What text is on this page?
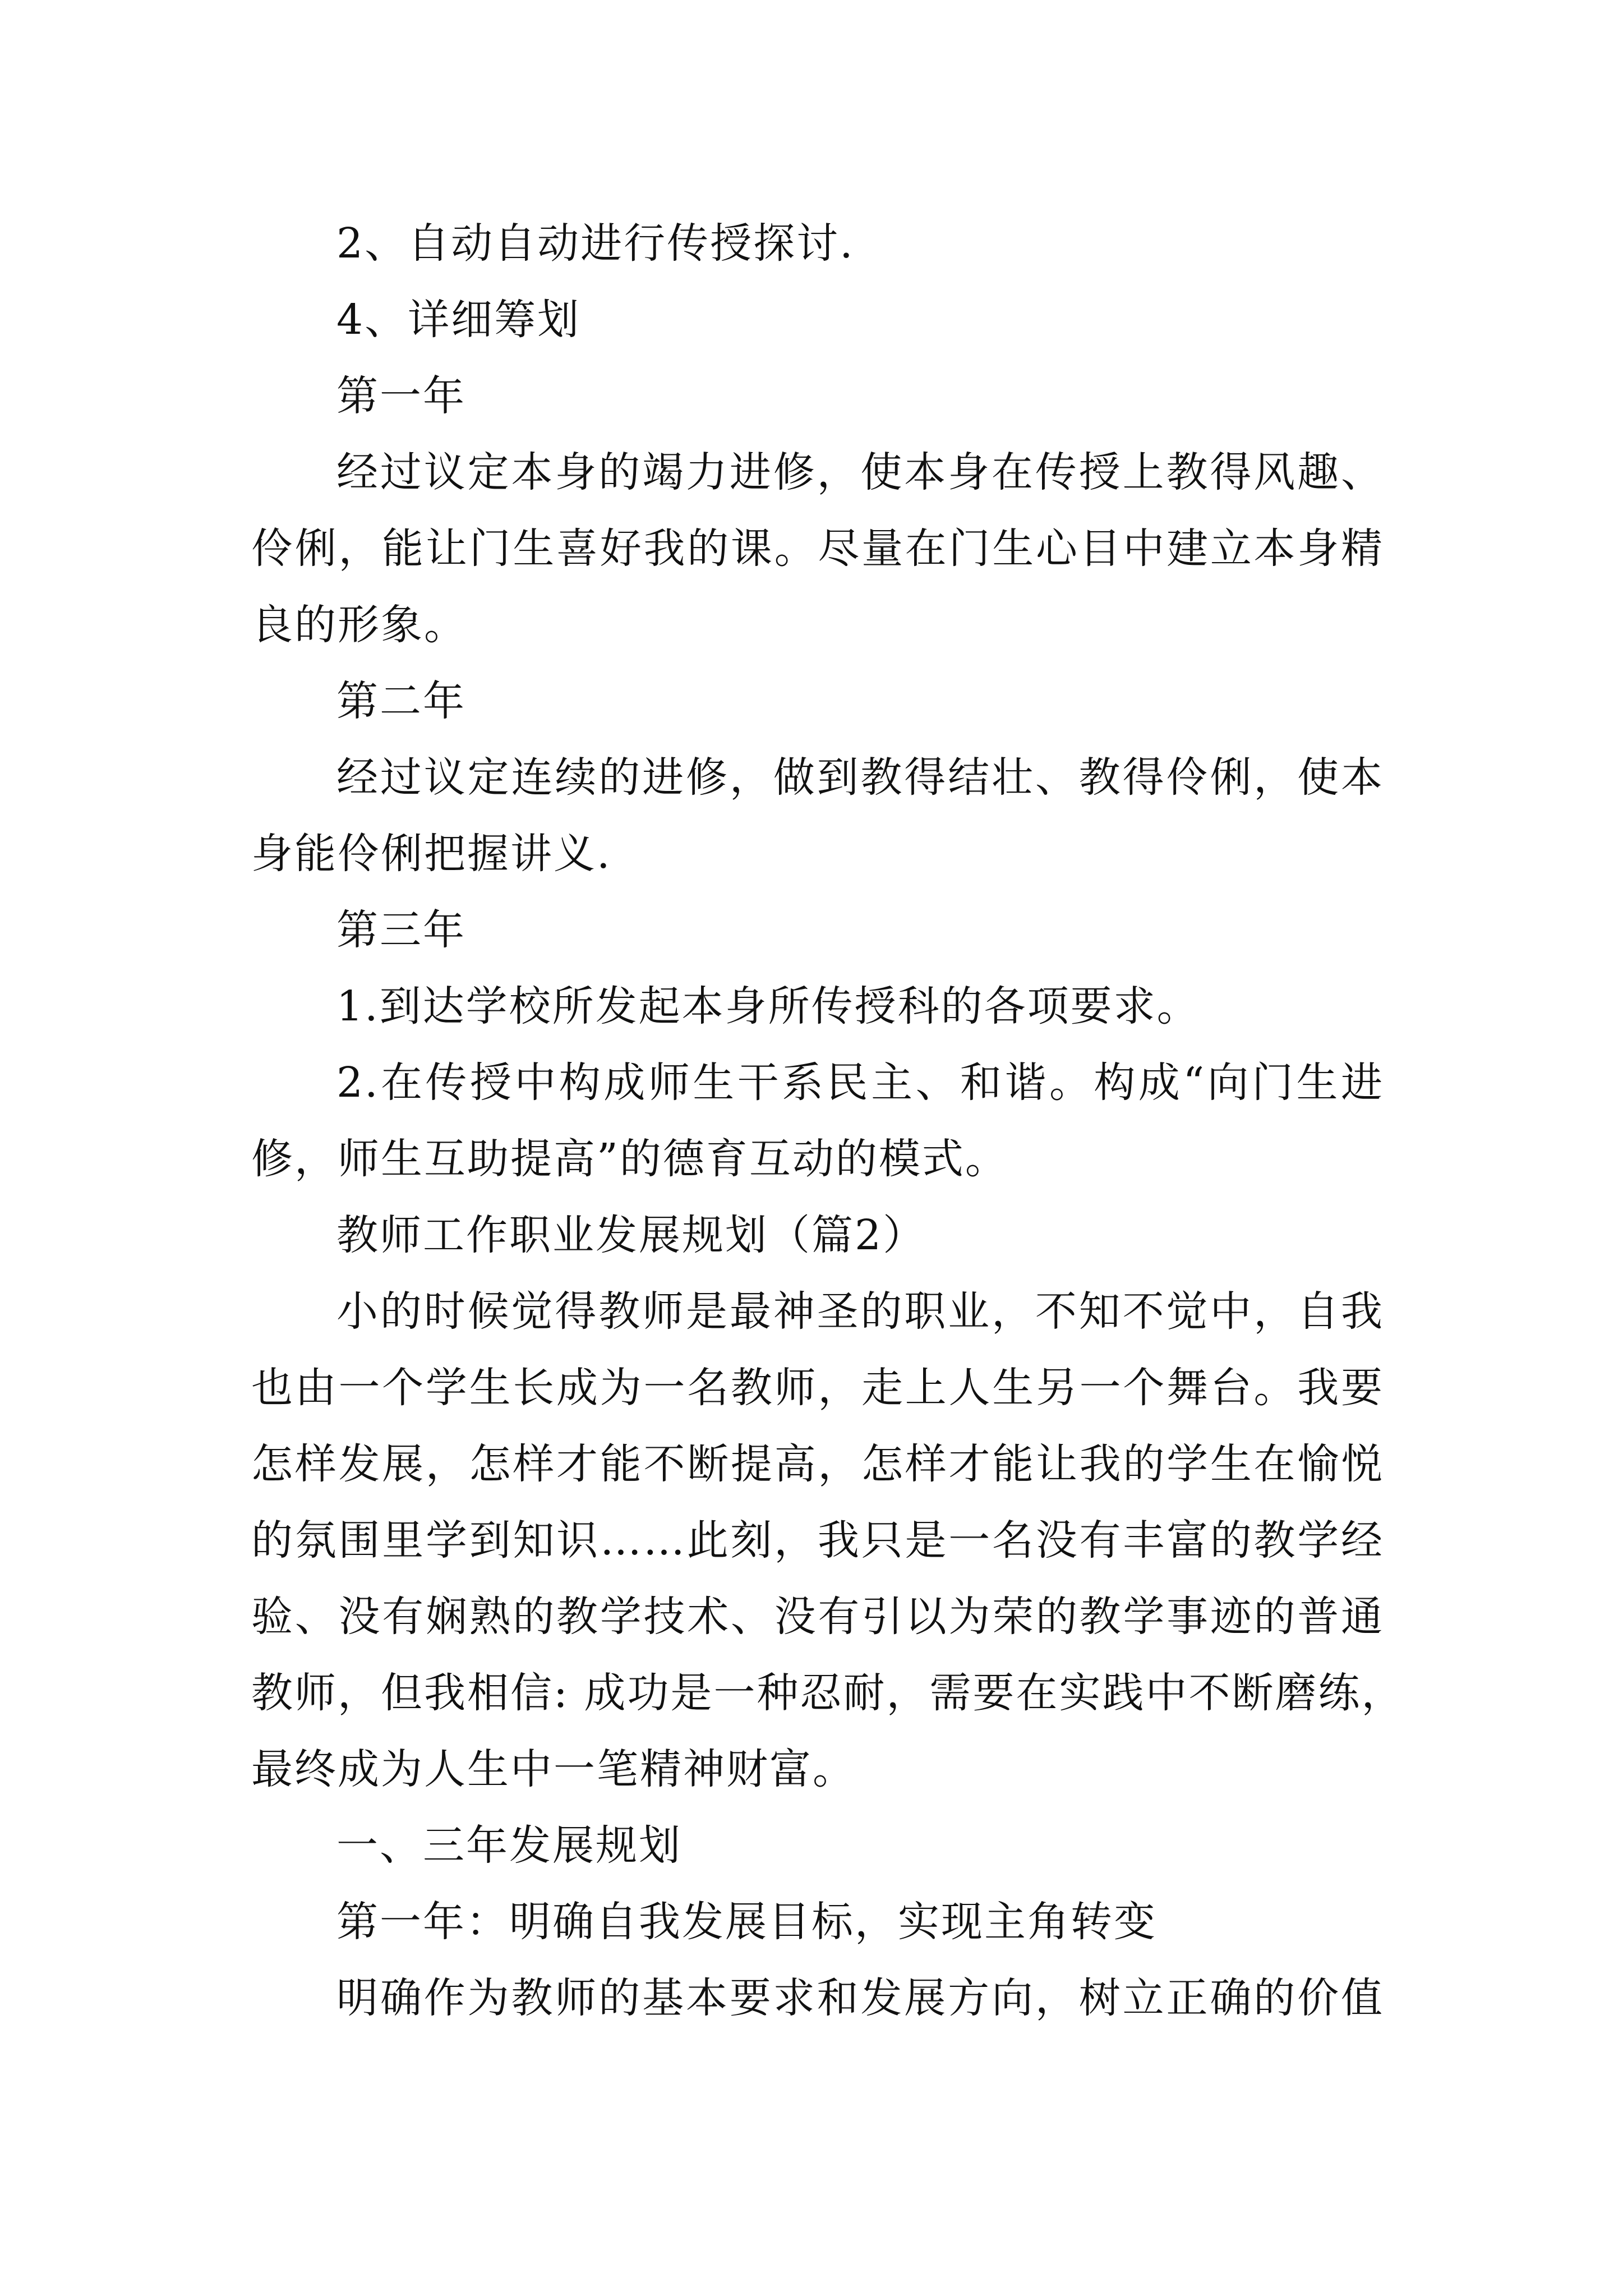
2、自动自动进行传授探讨.
4、详细筹划
第一年
经过议定本身的竭力进修，使本身在传授上教得风趣、
伶俐，能让门生喜好我的课。尽量在门生心目中建立本身精
良的形象。
第二年
经过议定连续的进修，做到教得结壮、教得伶俐，使本
身能伶俐把握讲义.
第三年
1.到达学校所发起本身所传授科的各项要求。
2.在传授中构成师生干系民主、和谐。构成“向门生进
修，师生互助提高”的德育互动的模式。
教师工作职业发展规划（篇2）
小的时候觉得教师是最神圣的职业，不知不觉中，自我
也由一个学生长成为一名教师，走上人生另一个舞台。我要
怎样发展，怎样才能不断提高，怎样才能让我的学生在愉悦
的氛围里学到知识……此刻，我只是一名没有丰富的教学经
验、没有娴熟的教学技术、没有引以为荣的教学事迹的普通
教师，但我相信: 成功是一种忍耐，需要在实践中不断磨练，
最终成为人生中一笔精神财富。
一、三年发展规划
第一年：明确自我发展目标，实现主角转变
明确作为教师的基本要求和发展方向，树立正确的价值
